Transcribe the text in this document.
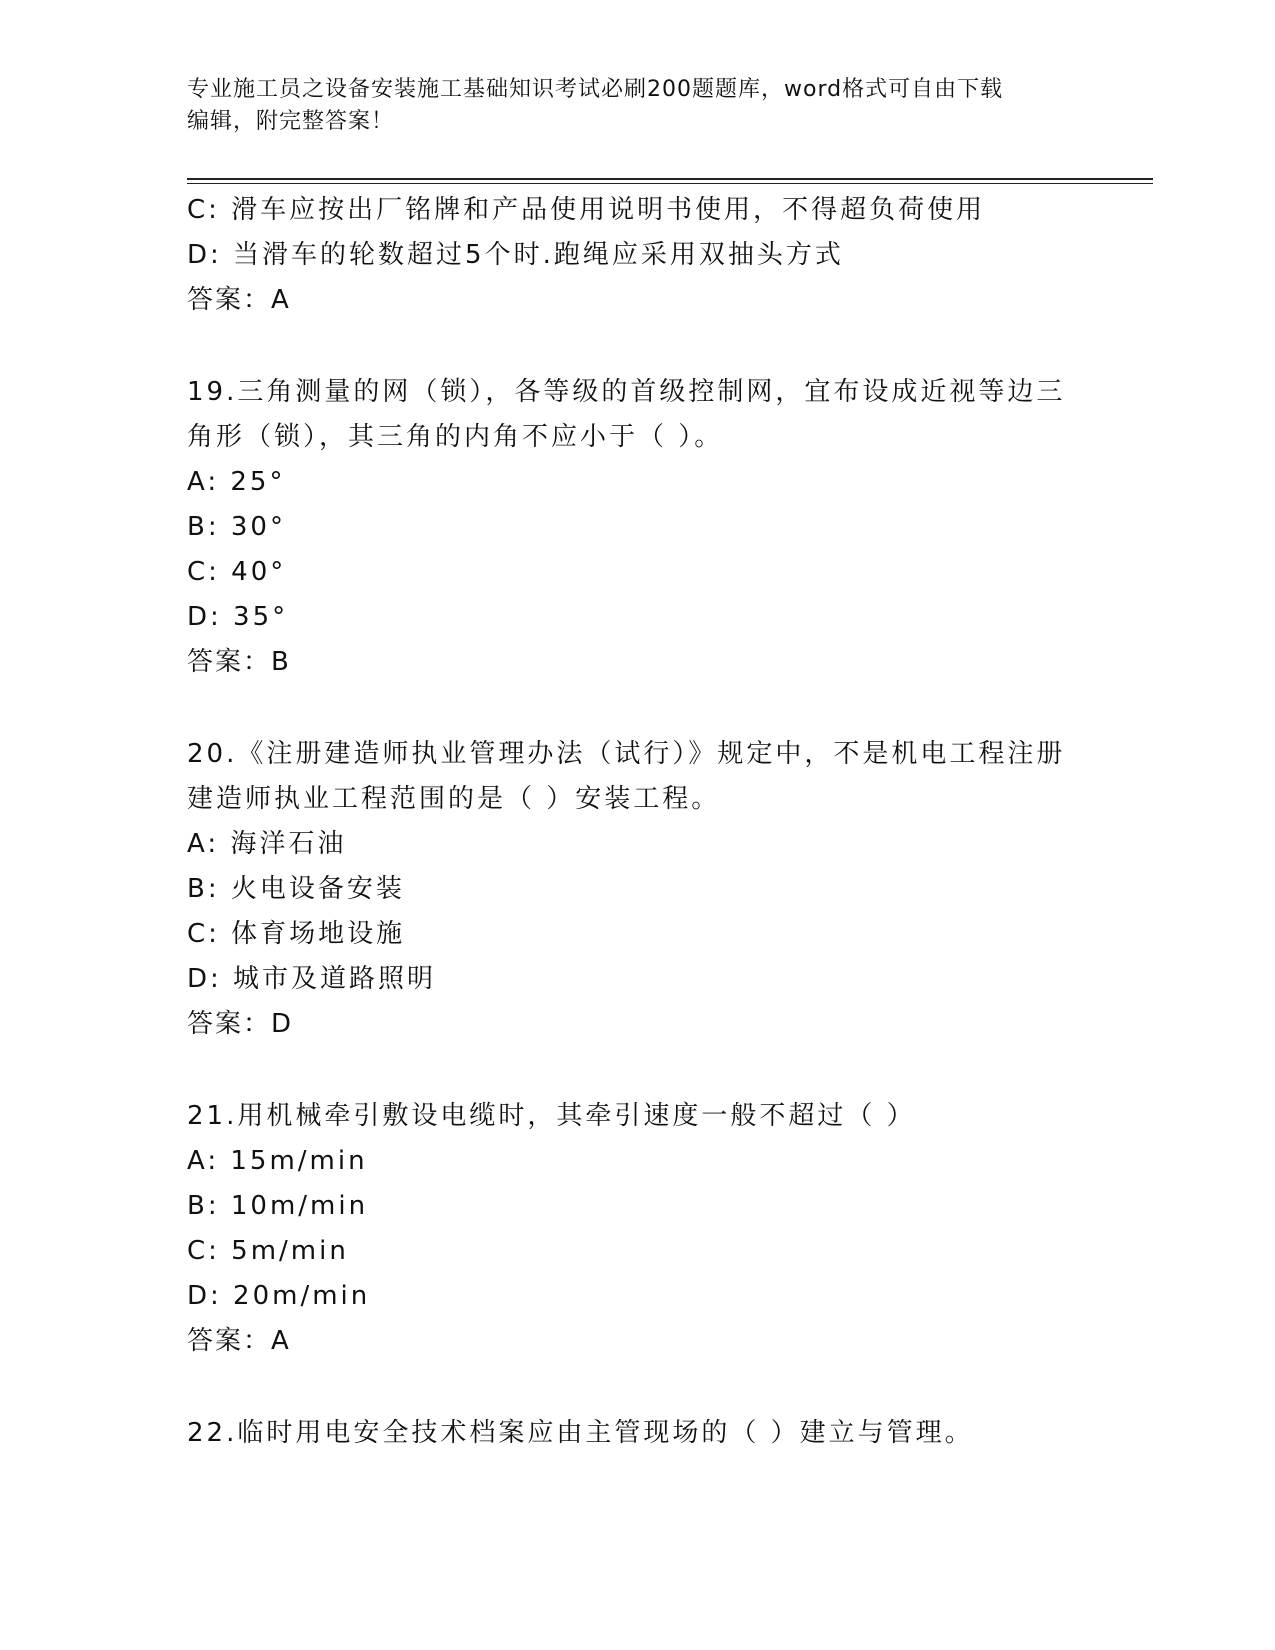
专业施工员之设备安装施工基础知识考试必刷200题题库，word格式可自由下载
编辑，附完整答案！
C: 滑车应按出厂铭牌和产品使用说明书使用，不得超负荷使用
D: 当滑车的轮数超过5个时.跑绳应采用双抽头方式
答案：A
19.三角测量的网（锁），各等级的首级控制网，宜布设成近视等边三
角形（锁），其三角的内角不应小于（ ）。
A: 25°
B: 30°
C: 40°
D: 35°
答案：B
20.《注册建造师执业管理办法（试行）》规定中，不是机电工程注册
建造师执业工程范围的是（ ）安装工程。
A: 海洋石油
B: 火电设备安装
C: 体育场地设施
D: 城市及道路照明
答案：D
21.用机械牵引敷设电缆时，其牵引速度一般不超过（ ）
A: 15m/min
B: 10m/min
C: 5m/min
D: 20m/min
答案：A
22.临时用电安全技术档案应由主管现场的（ ）建立与管理。
